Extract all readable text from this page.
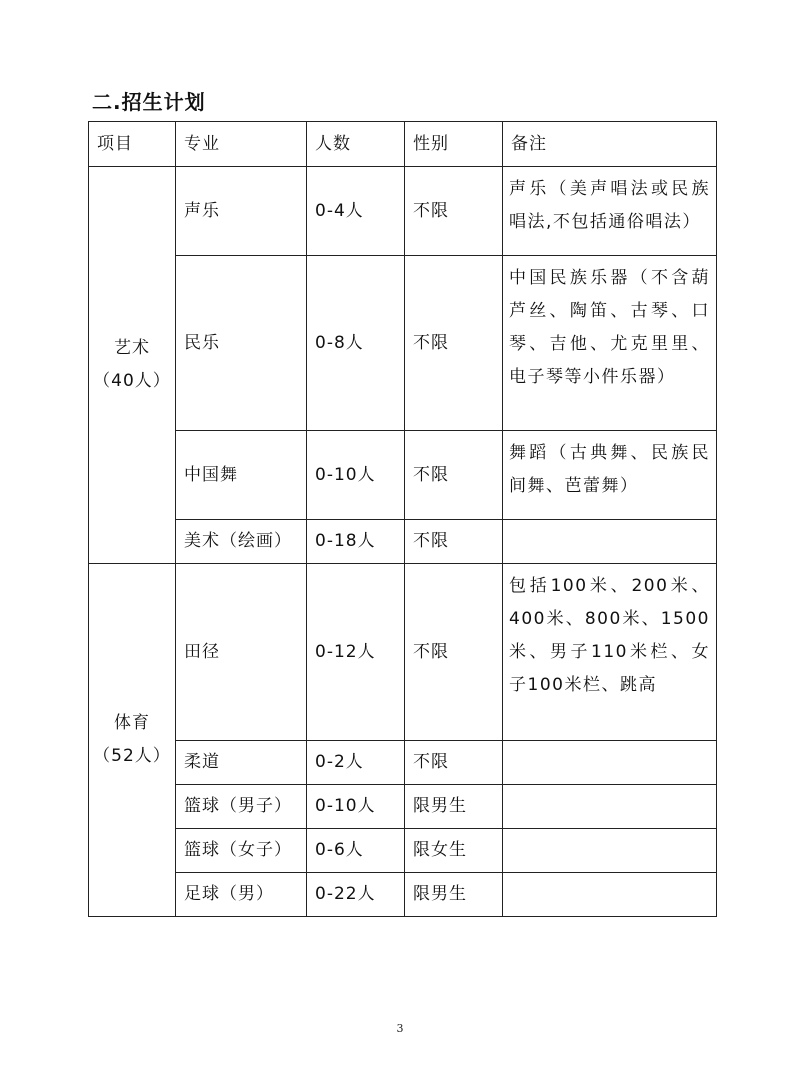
二.招生计划
项目	专业	人数	性别	备注

艺术
（40人）	声乐	0-4人	不限	声乐（美声唱法或民族唱法,不包括通俗唱法）
	民乐	0-8人	不限	中国民族乐器（不含葫芦丝、陶笛、古琴、口琴、吉他、尤克里里、电子琴等小件乐器）
	中国舞	0-10人	不限	舞蹈（古典舞、民族民间舞、芭蕾舞）
	美术（绘画）	0-18人	不限	

体育
（52人）	田径	0-12人	不限	包括100米、200米、400米、800米、1500米、男子110米栏、女子100米栏、跳高
	柔道	0-2人	不限	
	篮球（男子）	0-10人	限男生	
	篮球（女子）	0-6人	限女生	
	足球（男）	0-22人	限男生	
3
